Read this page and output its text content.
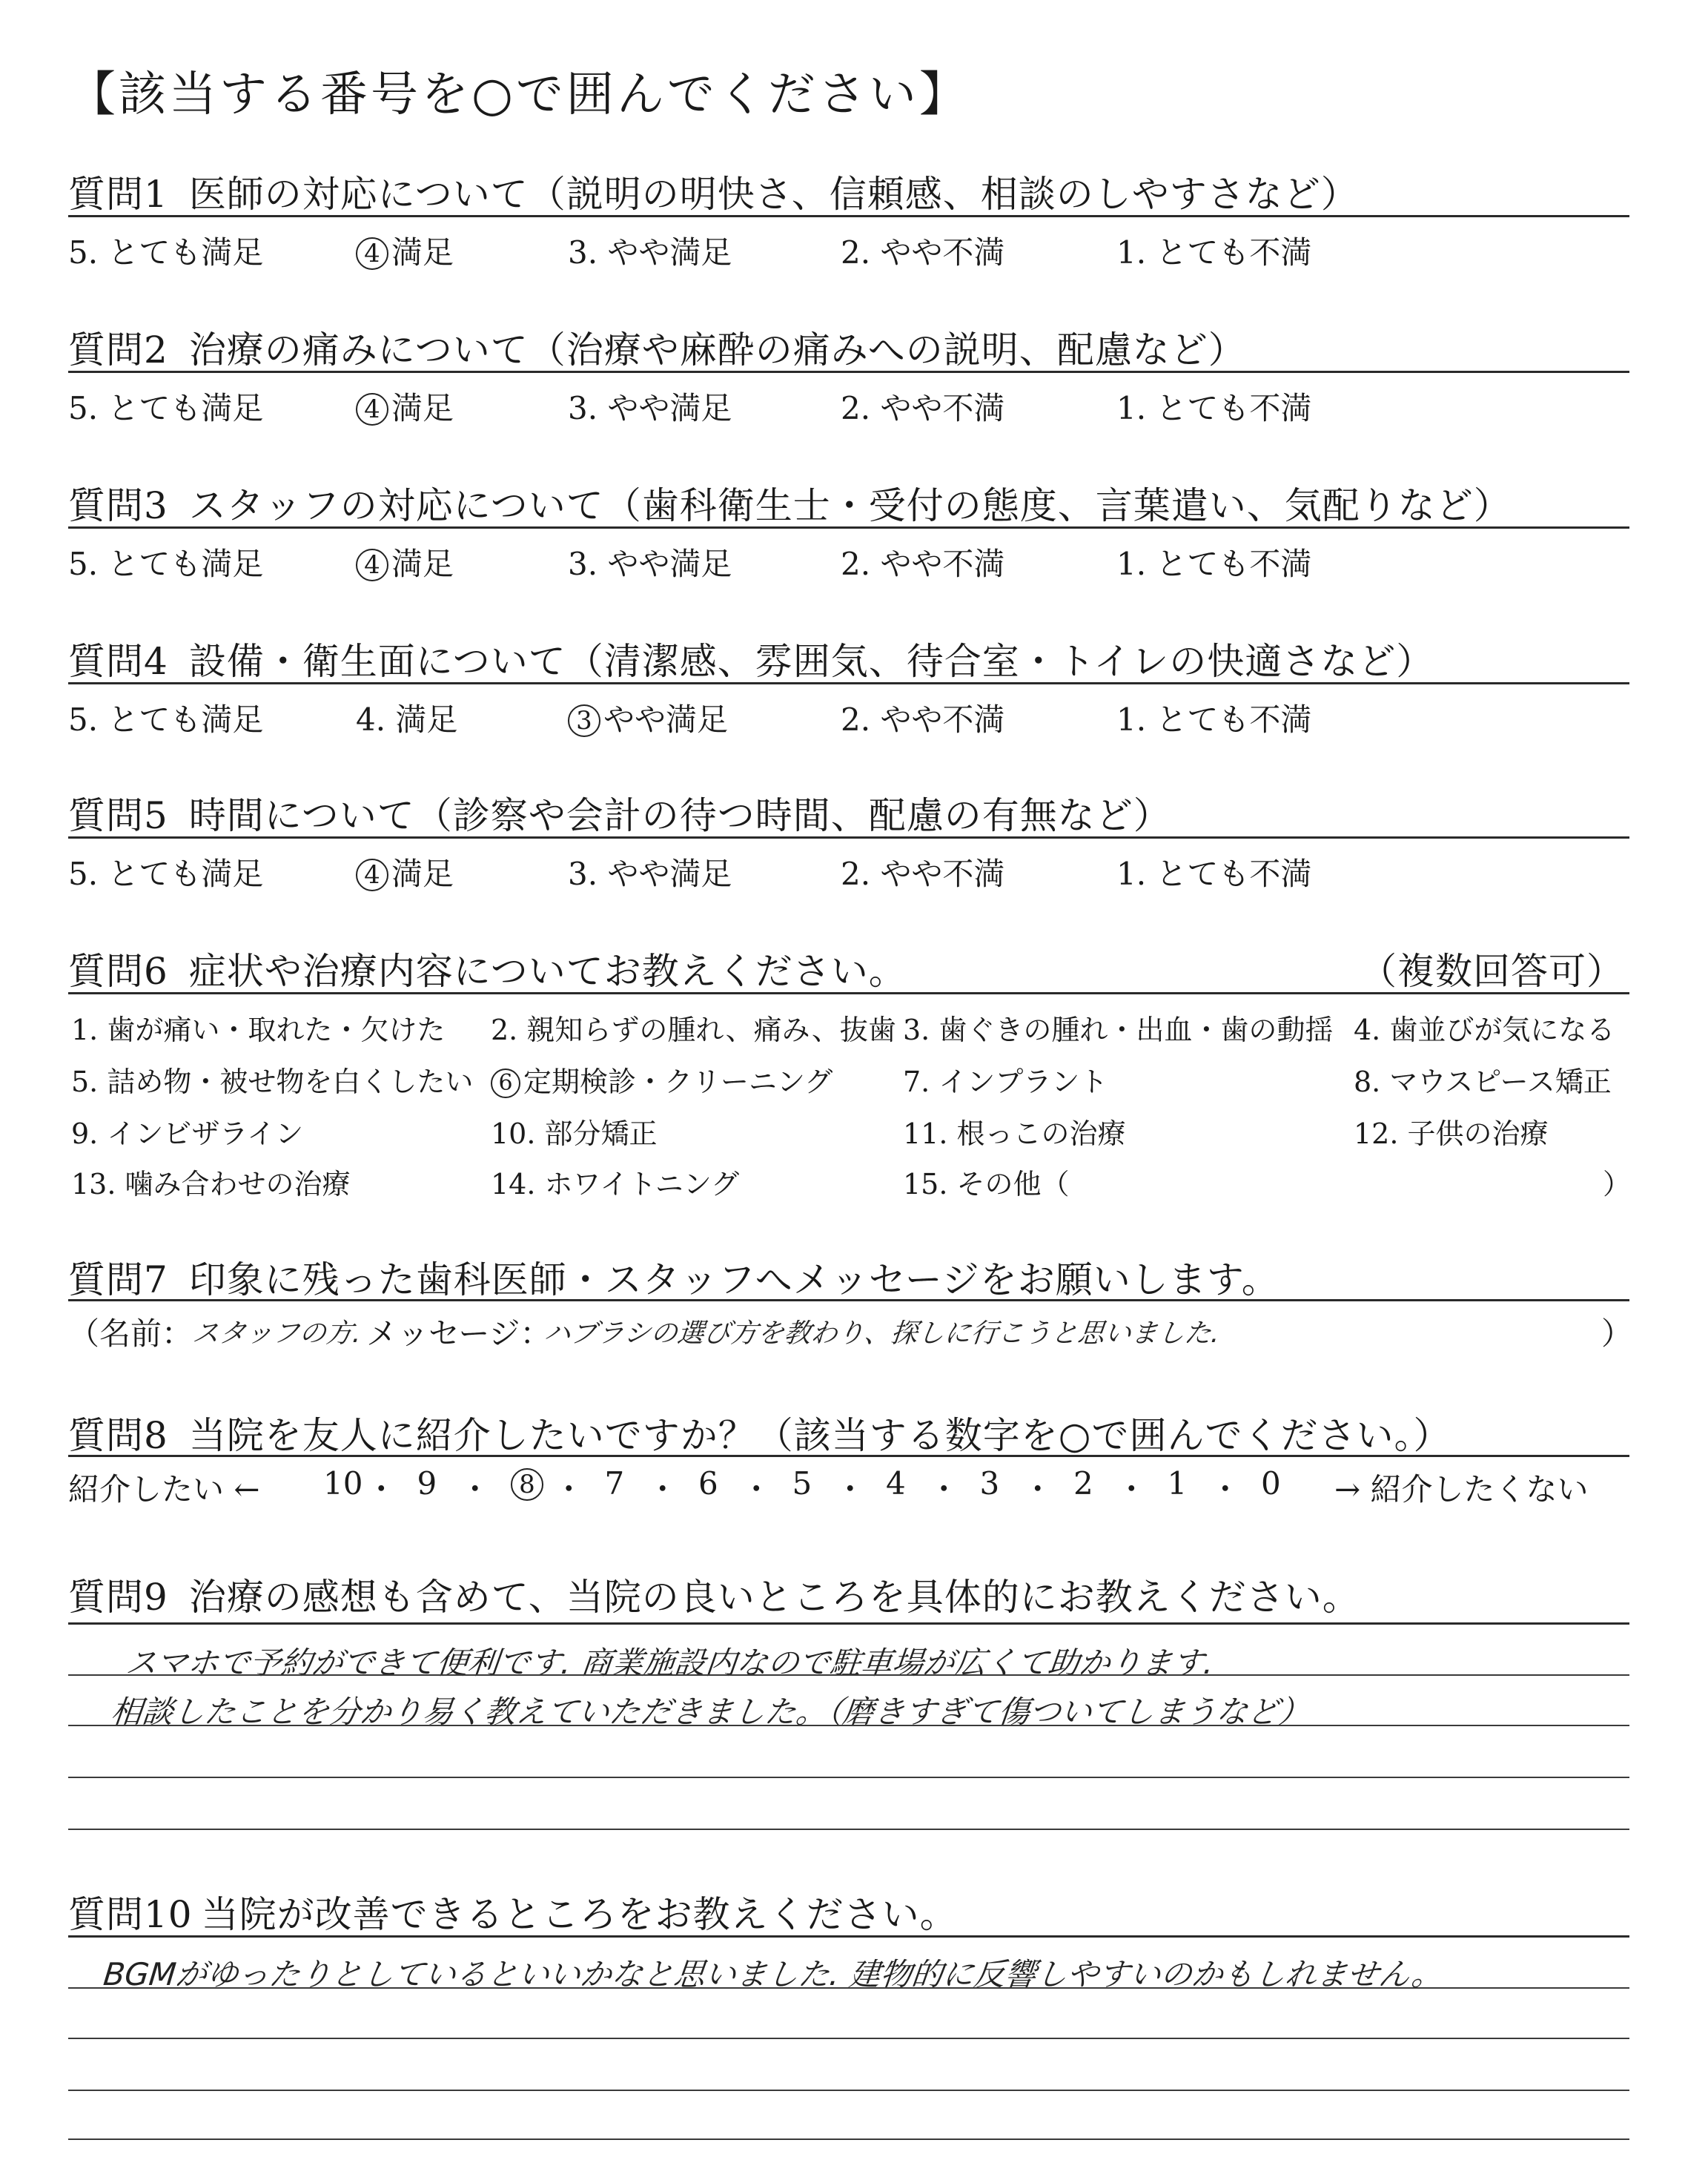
【該当する番号を○で囲んでください】
質問1 医師の対応について（説明の明快さ、信頼感、相談のしやすさなど）
5. とても満足	4 満足	3. やや満足	2. やや不満	1. とても不満
質問2 治療の痛みについて（治療や麻酔の痛みへの説明、配慮など）
5. とても満足	4 満足	3. やや満足	2. やや不満	1. とても不満
質問3 スタッフの対応について（歯科衛生士・受付の態度、言葉遣い、気配りなど）
5. とても満足	4 満足	3. やや満足	2. やや不満	1. とても不満
質問4 設備・衛生面について（清潔感、雰囲気、待合室・トイレの快適さなど）
5. とても満足	4. 満足	3 やや満足	2. やや不満	1. とても不満
質問5 時間について（診察や会計の待つ時間、配慮の有無など）
5. とても満足	4 満足	3. やや満足	2. やや不満	1. とても不満
質問6 症状や治療内容についてお教えください。	（複数回答可）
1. 歯が痛い・取れた・欠けた 2. 親知らずの腫れ、痛み、抜歯 3. 歯ぐきの腫れ・出血・歯の動揺 4. 歯並びが気になる
5. 詰め物・被せ物を白くしたい	6 定期検診・クリーニング 7. インプラント	8. マウスピース矯正
9. インビザライン	10. 部分矯正	11. 根っこの治療	12. 子供の治療
13. 噛み合わせの治療	14. ホワイトニング	15. その他（	）
質問7 印象に残った歯科医師・スタッフへメッセージをお願いします。
（名前：
スタッフの方. メッセージ：
ハブラシの選び方を教わり、探しに行こうと思いました.	）
質問8 当院を友人に紹介したいですか？（該当する数字を○で囲んでください。）
紹介したい ← 10 ・ 9 ・	8 ・ 7 ・ 6 ・ 5 ・ 4 ・ 3 ・ 2 ・ 1 ・ 0 → 紹介したくない
質問9 治療の感想も含めて、当院の良いところを具体的にお教えください。
スマホで予約ができて便利です. 商業施設内なので駐車場が広くて助かります.
相談したことを分かり易く教えていただきました。（磨きすぎて傷ついてしまうなど）
質問10 当院が改善できるところをお教えください。
BGMがゆったりとしているといいかなと思いました. 建物的に反響しやすいのかもしれません。
